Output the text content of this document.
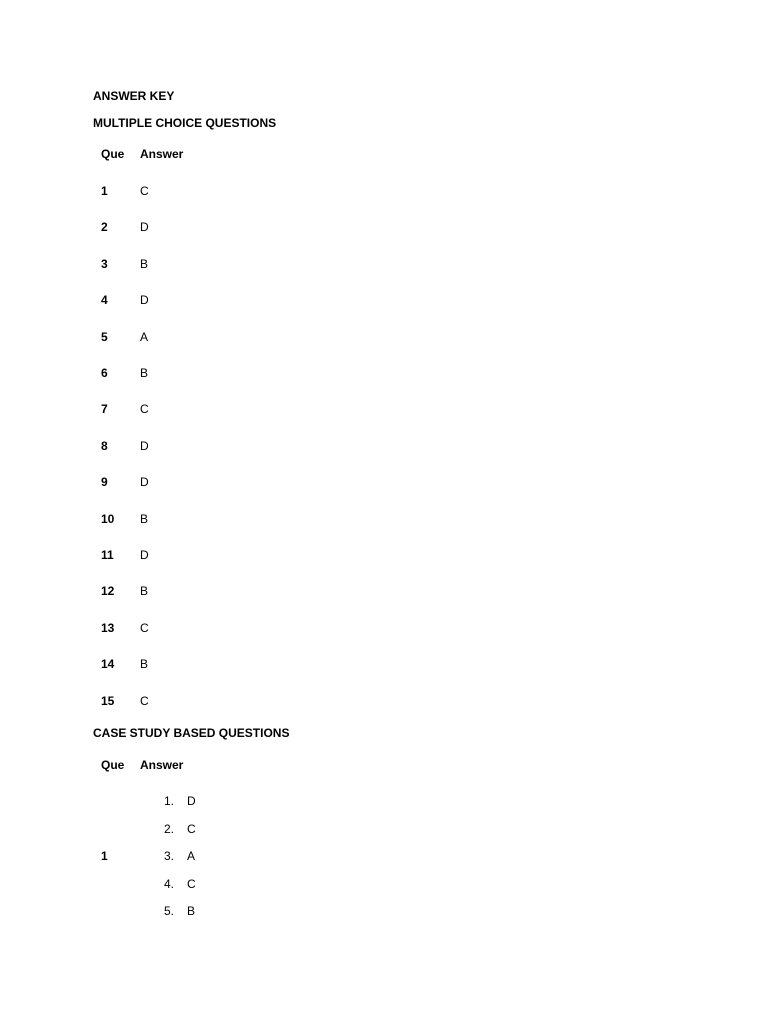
ANSWER KEY
MULTIPLE CHOICE QUESTIONS
Que Answer
1	C
2	D
3	B
4	D
5	A
6	B
7	C
8	D
9	D
10 B
11 D
12 B
13 C
14 B
15 C
CASE STUDY BASED QUESTIONS
Que Answer
1
1. D
2. C
3. A
4. C
5. B
